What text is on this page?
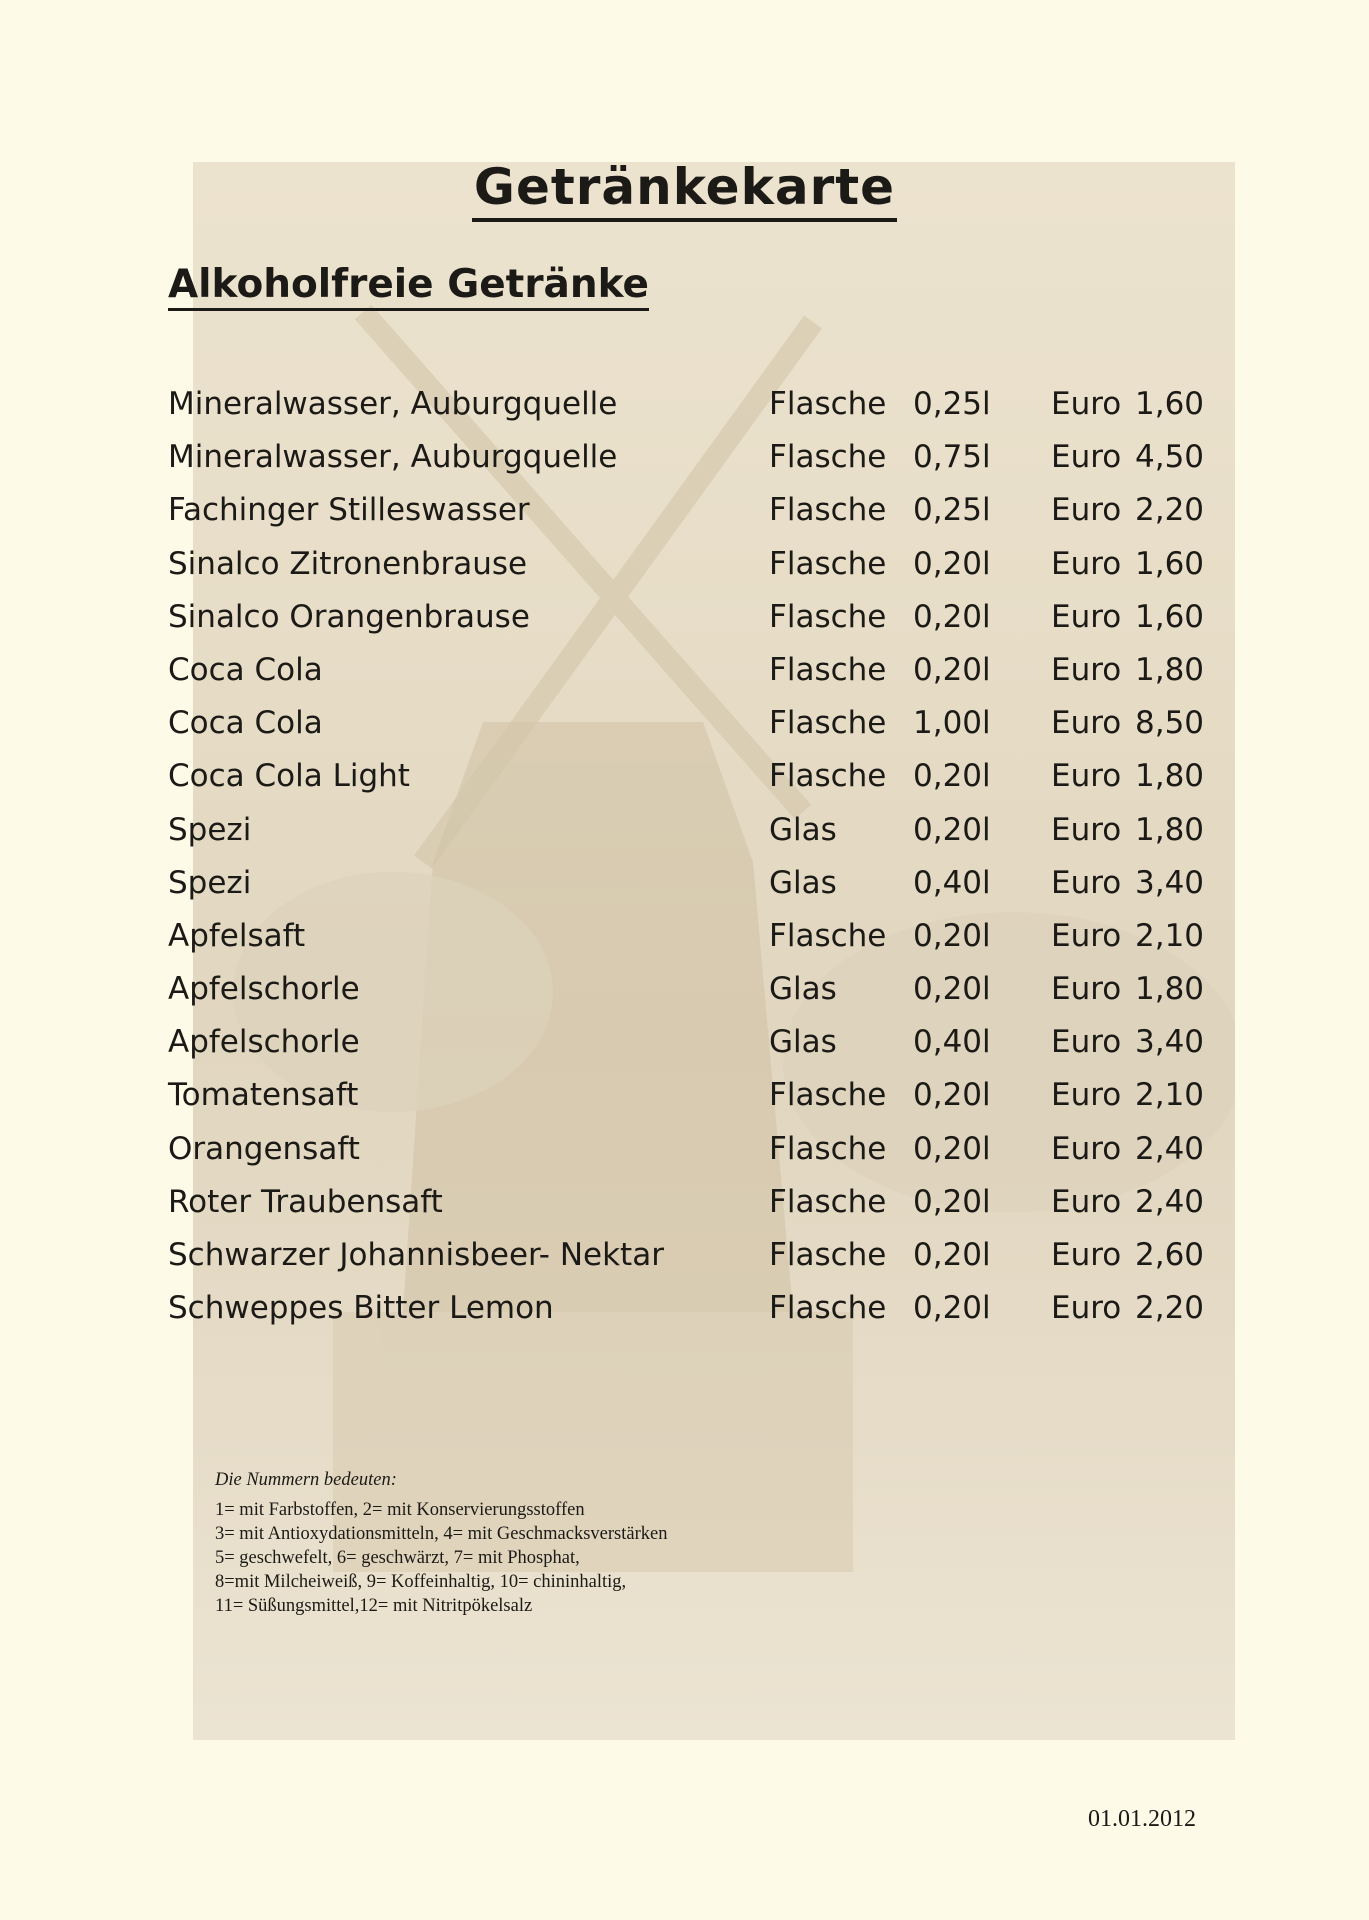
Getränkekarte
Alkoholfreie Getränke
Mineralwasser, Auburgquelle	Flasche 0,25l Euro 1,60
Mineralwasser, Auburgquelle	Flasche 0,75l Euro 4,50
Fachinger Stilleswasser	Flasche 0,25l Euro 2,20
Sinalco Zitronenbrause	Flasche 0,20l Euro 1,60
Sinalco Orangenbrause	Flasche 0,20l Euro 1,60
Coca Cola	Flasche 0,20l Euro 1,80
Coca Cola	Flasche 1,00l Euro 8,50
Coca Cola Light	Flasche 0,20l Euro 1,80
Spezi	Glas 0,20l Euro 1,80
Spezi	Glas 0,40l Euro 3,40
Apfelsaft	Flasche 0,20l Euro 2,10
Apfelschorle	Glas 0,20l Euro 1,80
Apfelschorle	Glas 0,40l Euro 3,40
Tomatensaft	Flasche 0,20l Euro 2,10
Orangensaft	Flasche 0,20l Euro 2,40
Roter Traubensaft	Flasche 0,20l Euro 2,40
Schwarzer Johannisbeer- Nektar	Flasche 0,20l Euro 2,60
Schweppes Bitter Lemon	Flasche 0,20l Euro 2,20
Die Nummern bedeuten:
1= mit Farbstoffen, 2= mit Konservierungsstoffen
3= mit Antioxydationsmitteln, 4= mit Geschmacksverstärken
5= geschwefelt, 6= geschwärzt, 7= mit Phosphat,
8=mit Milcheiweiß, 9= Koffeinhaltig, 10= chininhaltig,
11= Süßungsmittel,12= mit Nitritpökelsalz
01.01.2012
